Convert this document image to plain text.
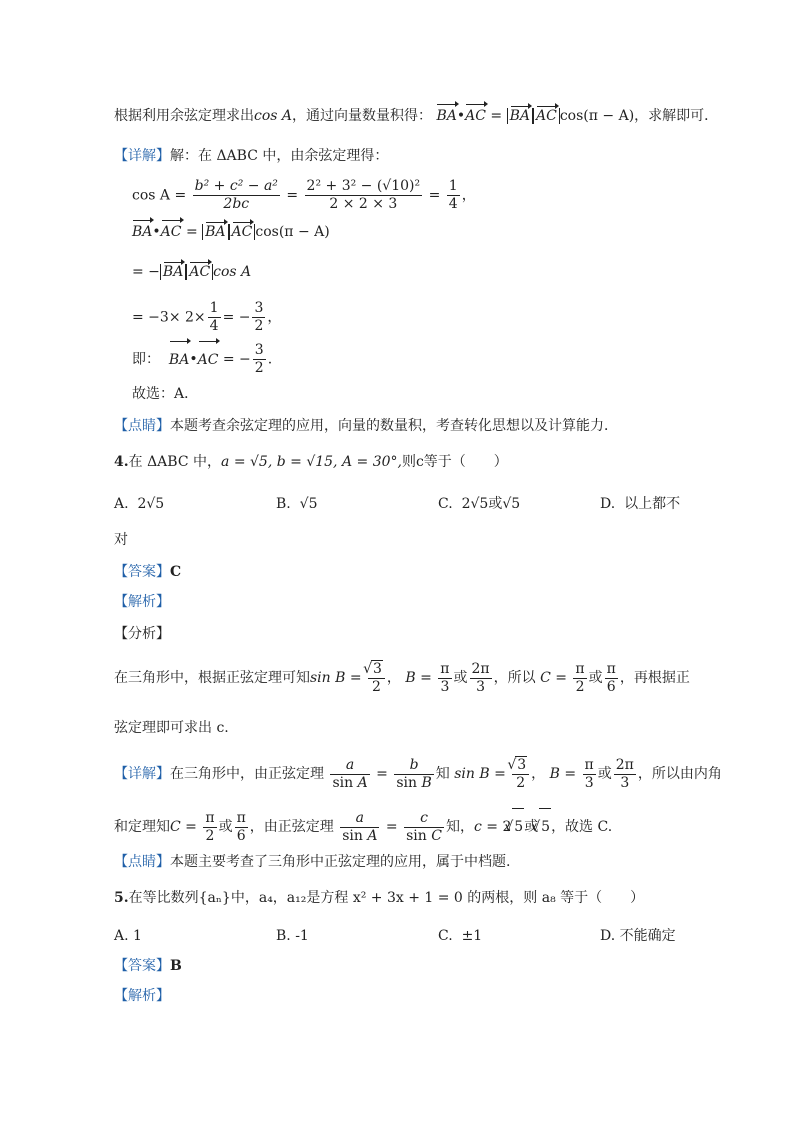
根据利用余弦定理求出cos A，通过向量数量积得： BA•AC = BA AC cos(π − A)，求解即可．
【详解】解：在 ΔABC 中，由余弦定理得：
$\cos A = \frac{\text{b² + c² − a²}}{2bc} = \frac{\text{2² + 3² − (√10)²}}{2 \times 2 \times 3} = \frac{1}{4}$ ，
BA•AC = BA AC cos(π − A)
= − BA AC cos A
= $-3\times 2\times \frac{1}{4}$ = − $\frac{3}{2}$ ，
即： BA•AC = − $\frac{3}{2}$ .
故选：A．
【点睛】本题考查余弦定理的应用，向量的数量积，考查转化思想以及计算能力．
4.在 ΔABC 中，a = √5, b = √15, A = 30°,则c等于（　　）
A. 2√5	B. √5	C. 2√5或√5	D. 以上都不
对
【答案】C
【解析】
【分析】
在三角形中，根据正弦定理可知sin B = √ $\frac{3}{2}$ ， $B = \frac{\pi}{3}$ 或 $\frac{2\pi}{3}$ ，所以 $C = \frac{\pi}{2}$ 或 $\frac{\pi}{6}$ ，再根据正
弦定理即可求出 c.
【详解】在三角形中，由正弦定理 $\frac{a}{\text{sin A}} = \frac{b}{\text{sin B}}$ 知 sin B = √ $\frac{3}{2}$ ， $B = \frac{\pi}{3}$ 或 $\frac{2\pi}{3}$ ，所以由内角
和定理知$C = \frac{\pi}{2}$ 或 $\frac{\pi}{6}$ ，由正弦定理 $\frac{a}{\text{sin A}} = \frac{c}{\text{sin C}}$ 知，c = 2 √ 5或 √ 5，故选 C.
【点睛】本题主要考查了三角形中正弦定理的应用，属于中档题.
5.在等比数列{aₙ}中，a₄，a₁₂是方程 x² + 3x + 1 = 0 的两根，则 a₈ 等于（　　）
A. 1	B. -1	C. ±1	D. 不能确定
【答案】B
【解析】
